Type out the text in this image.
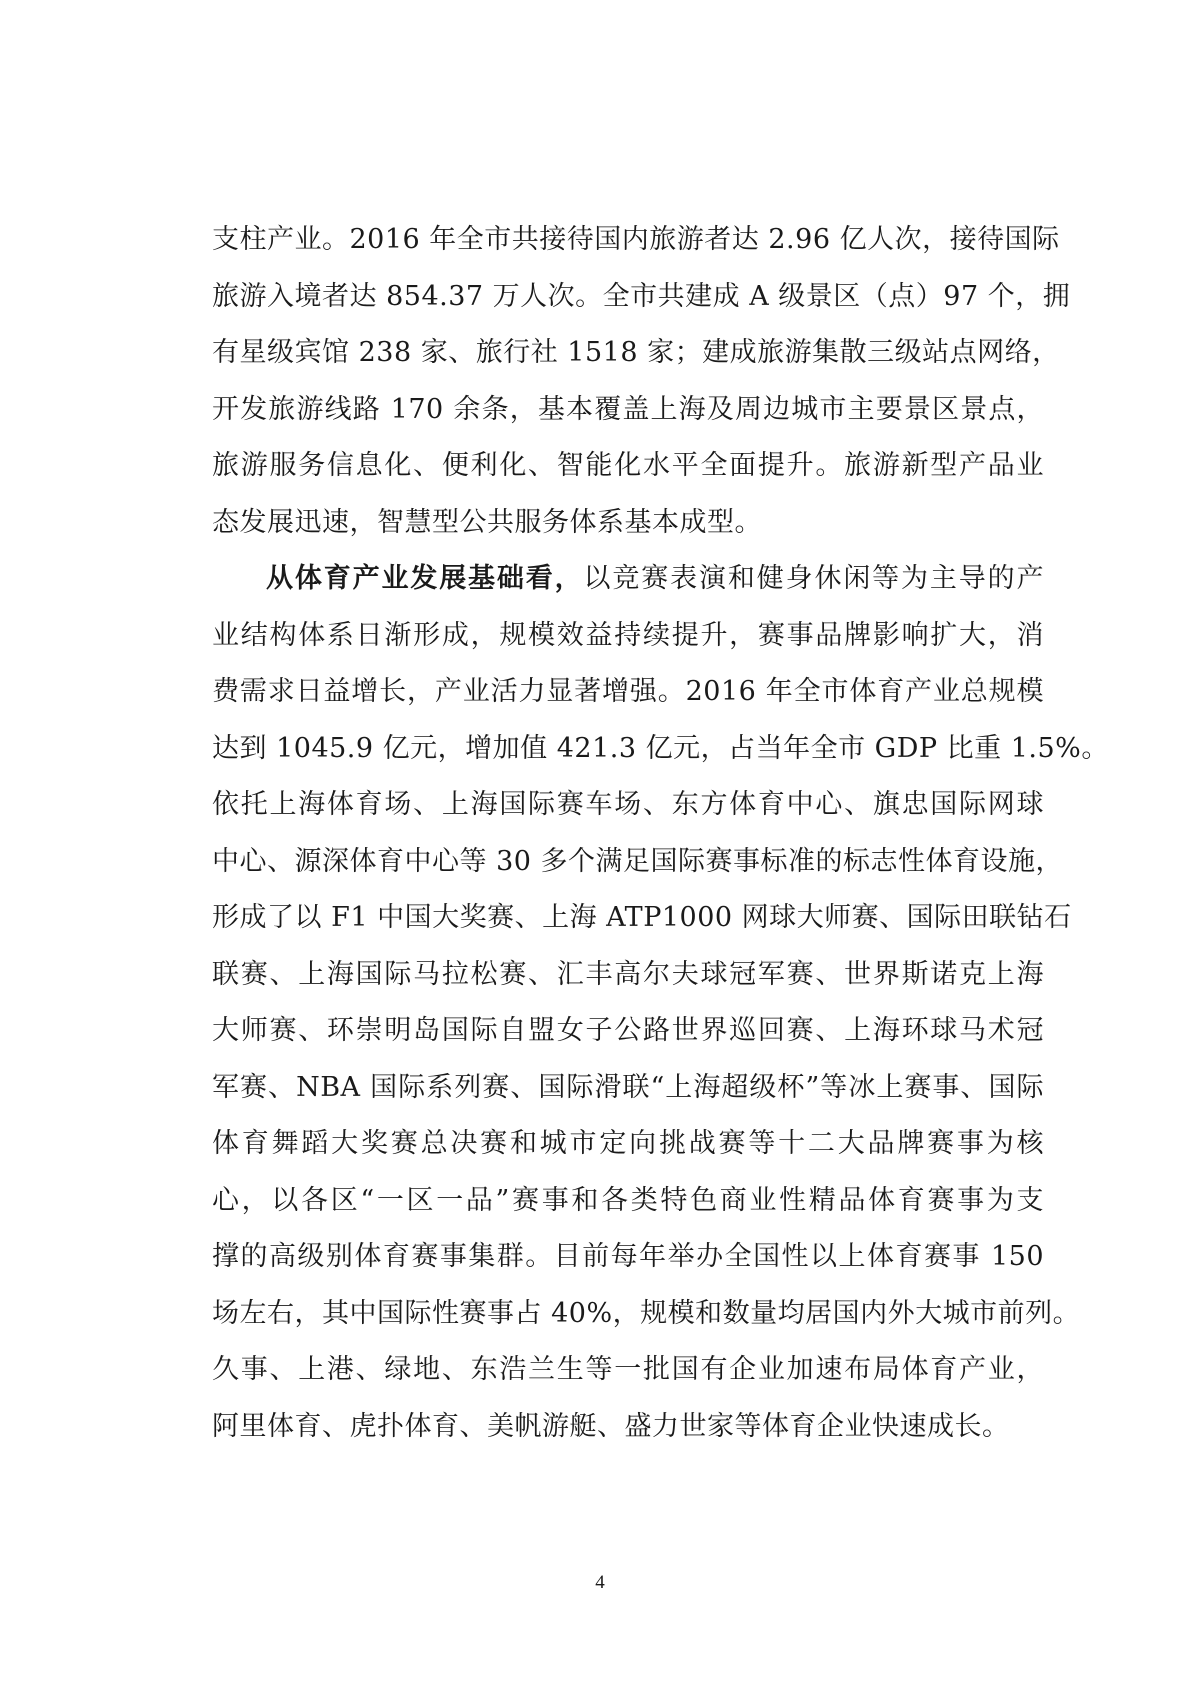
支柱产业。2016 年全市共接待国内旅游者达 2.96 亿人次，接待国际
旅游入境者达 854.37 万人次。全市共建成 A 级景区（点）97 个，拥
有星级宾馆 238 家、旅行社 1518 家；建成旅游集散三级站点网络，
开发旅游线路 170 余条，基本覆盖上海及周边城市主要景区景点，
旅游服务信息化、便利化、智能化水平全面提升。旅游新型产品业
态发展迅速，智慧型公共服务体系基本成型。
从体育产业发展基础看，以竞赛表演和健身休闲等为主导的产
业结构体系日渐形成，规模效益持续提升，赛事品牌影响扩大，消
费需求日益增长，产业活力显著增强。2016 年全市体育产业总规模
达到 1045.9 亿元，增加值 421.3 亿元，占当年全市 GDP 比重 1.5%。
依托上海体育场、上海国际赛车场、东方体育中心、旗忠国际网球
中心、源深体育中心等 30 多个满足国际赛事标准的标志性体育设施，
形成了以 F1 中国大奖赛、上海 ATP1000 网球大师赛、国际田联钻石
联赛、上海国际马拉松赛、汇丰高尔夫球冠军赛、世界斯诺克上海
大师赛、环崇明岛国际自盟女子公路世界巡回赛、上海环球马术冠
军赛、NBA 国际系列赛、国际滑联“上海超级杯”等冰上赛事、国际
体育舞蹈大奖赛总决赛和城市定向挑战赛等十二大品牌赛事为核
心，以各区“一区一品”赛事和各类特色商业性精品体育赛事为支
撑的高级别体育赛事集群。目前每年举办全国性以上体育赛事 150
场左右，其中国际性赛事占 40%，规模和数量均居国内外大城市前列。
久事、上港、绿地、东浩兰生等一批国有企业加速布局体育产业，
阿里体育、虎扑体育、美帆游艇、盛力世家等体育企业快速成长。
4
